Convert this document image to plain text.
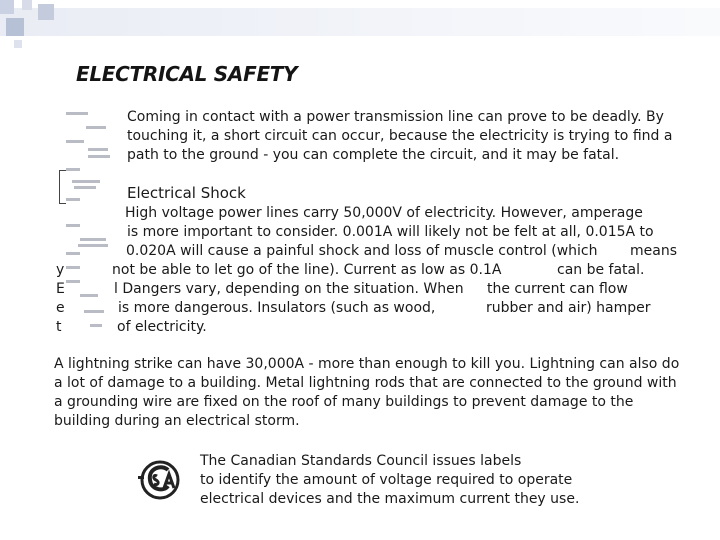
ELECTRICAL SAFETY

Coming in contact with a power transmission line can prove to be deadly. By

touching it, a short circuit can occur, because the electricity is trying to find a

path to the ground - you can complete the circuit, and it may be fatal.

Electrical Shock

High voltage power lines carry 50,000V of electricity. However, amperage

is more important to consider. 0.001A will likely not be felt at all, 0.015A to

0.020A will cause a painful shock and loss of muscle control (which means

not be able to let go of the line). Current as low as 0.1A	can be fatal.

l Dangers vary, depending on the situation. When the current can flow

is more dangerous. Insulators (such as wood,	rubber and air) hamper

of electricity.

y

E

e

t

A lightning strike can have 30,000A - more than enough to kill you. Lightning can also do a lot of damage to a building. Metal lightning rods that are connected to the ground with a grounding wire are fixed on the roof of many buildings to prevent damage to the building during an electrical storm.

The Canadian Standards Council issues labels
to identify the amount of voltage required to operate
electrical devices and the maximum current they use.
